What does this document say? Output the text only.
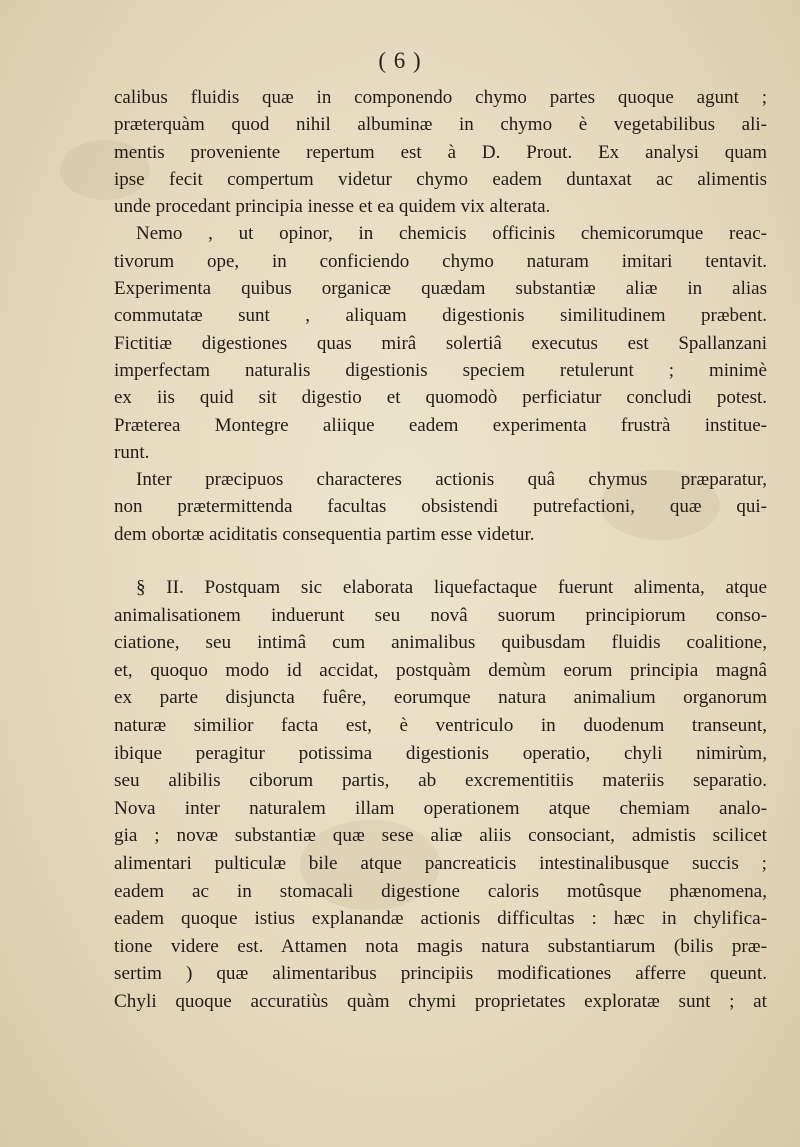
( 6 )
calibus fluidis quæ in componendo chymo partes quoque agunt ;
præterquàm quod nihil albuminæ in chymo è vegetabilibus ali-
mentis proveniente repertum est à D. Prout. Ex analysi quam
ipse fecit compertum videtur chymo eadem duntaxat ac alimentis
unde procedant principia inesse et ea quidem vix alterata.
Nemo , ut opinor, in chemicis officinis chemicorumque reac-
tivorum ope, in conficiendo chymo naturam imitari tentavit.
Experimenta quibus organicæ quædam substantiæ aliæ in alias
commutatæ sunt , aliquam digestionis similitudinem præbent.
Fictitiæ digestiones quas mirâ solertiâ executus est Spallanzani
imperfectam naturalis digestionis speciem retulerunt ; minimè
ex iis quid sit digestio et quomodò perficiatur concludi potest.
Præterea Montegre aliique eadem experimenta frustrà institue-
runt.
Inter præcipuos characteres actionis quâ chymus præparatur,
non prætermittenda facultas obsistendi putrefactioni, quæ qui-
dem obortæ aciditatis consequentia partim esse videtur.
§ II. Postquam sic elaborata liquefactaque fuerunt alimenta, atque
animalisationem induerunt seu novâ suorum principiorum conso-
ciatione, seu intimâ cum animalibus quibusdam fluidis coalitione,
et, quoquo modo id accidat, postquàm demùm eorum principia magnâ
ex parte disjuncta fuêre, eorumque natura animalium organorum
naturæ similior facta est, è ventriculo in duodenum transeunt,
ibique peragitur potissima digestionis operatio, chyli nimirùm,
seu alibilis ciborum partis, ab excrementitiis materiis separatio.
Nova inter naturalem illam operationem atque chemiam analo-
gia ; novæ substantiæ quæ sese aliæ aliis consociant, admistis scilicet
alimentari pulticulæ bile atque pancreaticis intestinalibusque succis ;
eadem ac in stomacali digestione caloris motûsque phænomena,
eadem quoque istius explanandæ actionis difficultas : hæc in chylifica-
tione videre est. Attamen nota magis natura substantiarum (bilis præ-
sertim ) quæ alimentaribus principiis modificationes afferre queunt.
Chyli quoque accuratiùs quàm chymi proprietates exploratæ sunt ; at
